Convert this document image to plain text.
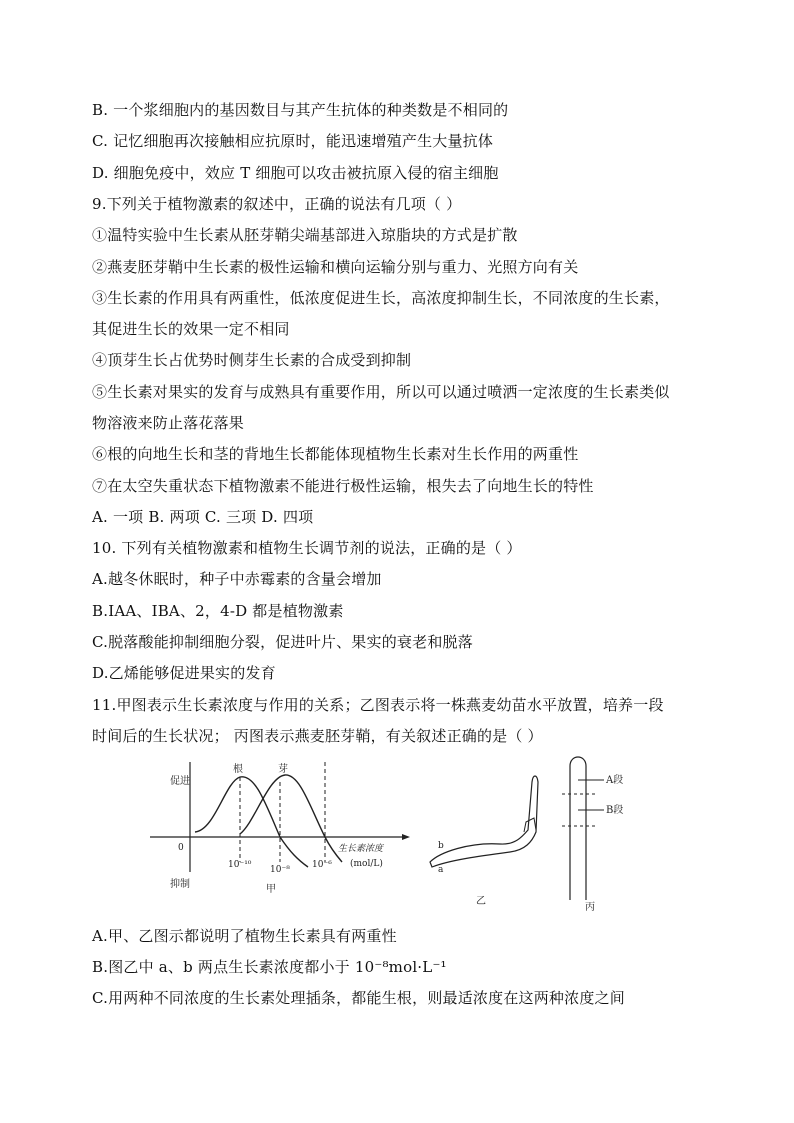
B. 一个浆细胞内的基因数目与其产生抗体的种类数是不相同的
C. 记忆细胞再次接触相应抗原时，能迅速增殖产生大量抗体
D. 细胞免疫中，效应 T 细胞可以攻击被抗原入侵的宿主细胞
9.下列关于植物激素的叙述中，正确的说法有几项（ ）
①温特实验中生长素从胚芽鞘尖端基部进入琼脂块的方式是扩散
②燕麦胚芽鞘中生长素的极性运输和横向运输分别与重力、光照方向有关
③生长素的作用具有两重性，低浓度促进生长，高浓度抑制生长，不同浓度的生长素，
其促进生长的效果一定不相同
④顶芽生长占优势时侧芽生长素的合成受到抑制
⑤生长素对果实的发育与成熟具有重要作用，所以可以通过喷洒一定浓度的生长素类似
物溶液来防止落花落果
⑥根的向地生长和茎的背地生长都能体现植物生长素对生长作用的两重性
⑦在太空失重状态下植物激素不能进行极性运输，根失去了向地生长的特性
A. 一项 B. 两项 C. 三项 D. 四项
10. 下列有关植物激素和植物生长调节剂的说法，正确的是（ ）
A.越冬休眠时，种子中赤霉素的含量会增加
B.IAA、IBA、2，4-D 都是植物激素
C.脱落酸能抑制细胞分裂，促进叶片、果实的衰老和脱落
D.乙烯能够促进果实的发育
11.甲图表示生长素浓度与作用的关系；乙图表示将一株燕麦幼苗水平放置，培养一段
时间后的生长状况； 丙图表示燕麦胚芽鞘，有关叙述正确的是（ ）
A.甲、乙图示都说明了植物生长素具有两重性
B.图乙中 a、b 两点生长素浓度都小于 10⁻⁸mol·L⁻¹
C.用两种不同浓度的生长素处理插条，都能生根，则最适浓度在这两种浓度之间
促进
抑制
0
根	芽
生长素浓度
(mol/L)
10⁻¹⁰ 10⁻⁸ 10⁻⁶
甲
b
a
乙
A段
B段
丙
